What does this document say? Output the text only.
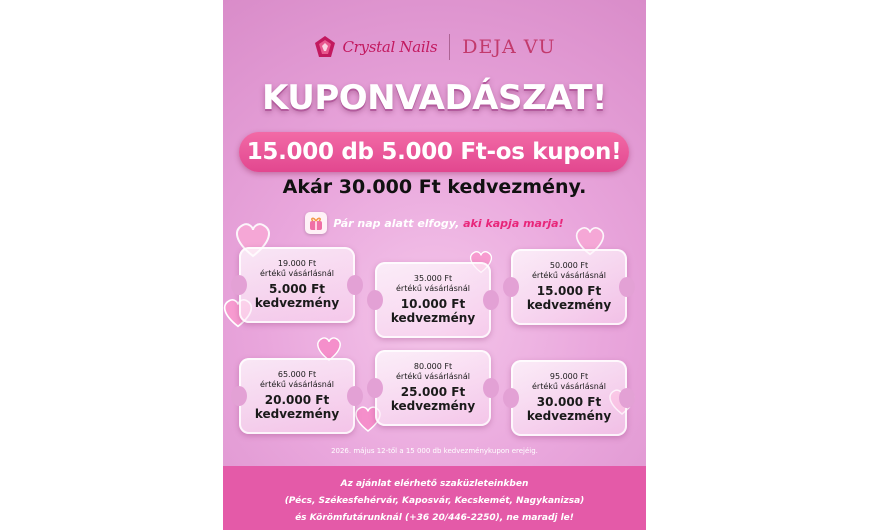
Crystal Nails DEJA VU
KUPONVADÁSZAT!
15.000 db 5.000 Ft-os kupon!
Akár 30.000 Ft kedvezmény.
Pár nap alatt elfogy, aki kapja marja!
19.000 Ft
értékű vásárlásnál
5.000 Ft
kedvezmény
35.000 Ft
értékű vásárlásnál
10.000 Ft
kedvezmény
50.000 Ft
értékű vásárlásnál
15.000 Ft
kedvezmény
65.000 Ft
értékű vásárlásnál
20.000 Ft
kedvezmény
80.000 Ft
értékű vásárlásnál
25.000 Ft
kedvezmény
95.000 Ft
értékű vásárlásnál
30.000 Ft
kedvezmény
2026. május 12-től a 15 000 db kedvezménykupon erejéig.
Az ajánlat elérhető szaküzleteinkben
(Pécs, Székesfehérvár, Kaposvár, Kecskemét, Nagykanizsa)
és Körömfutárunknál (+36 20/446-2250), ne maradj le!
